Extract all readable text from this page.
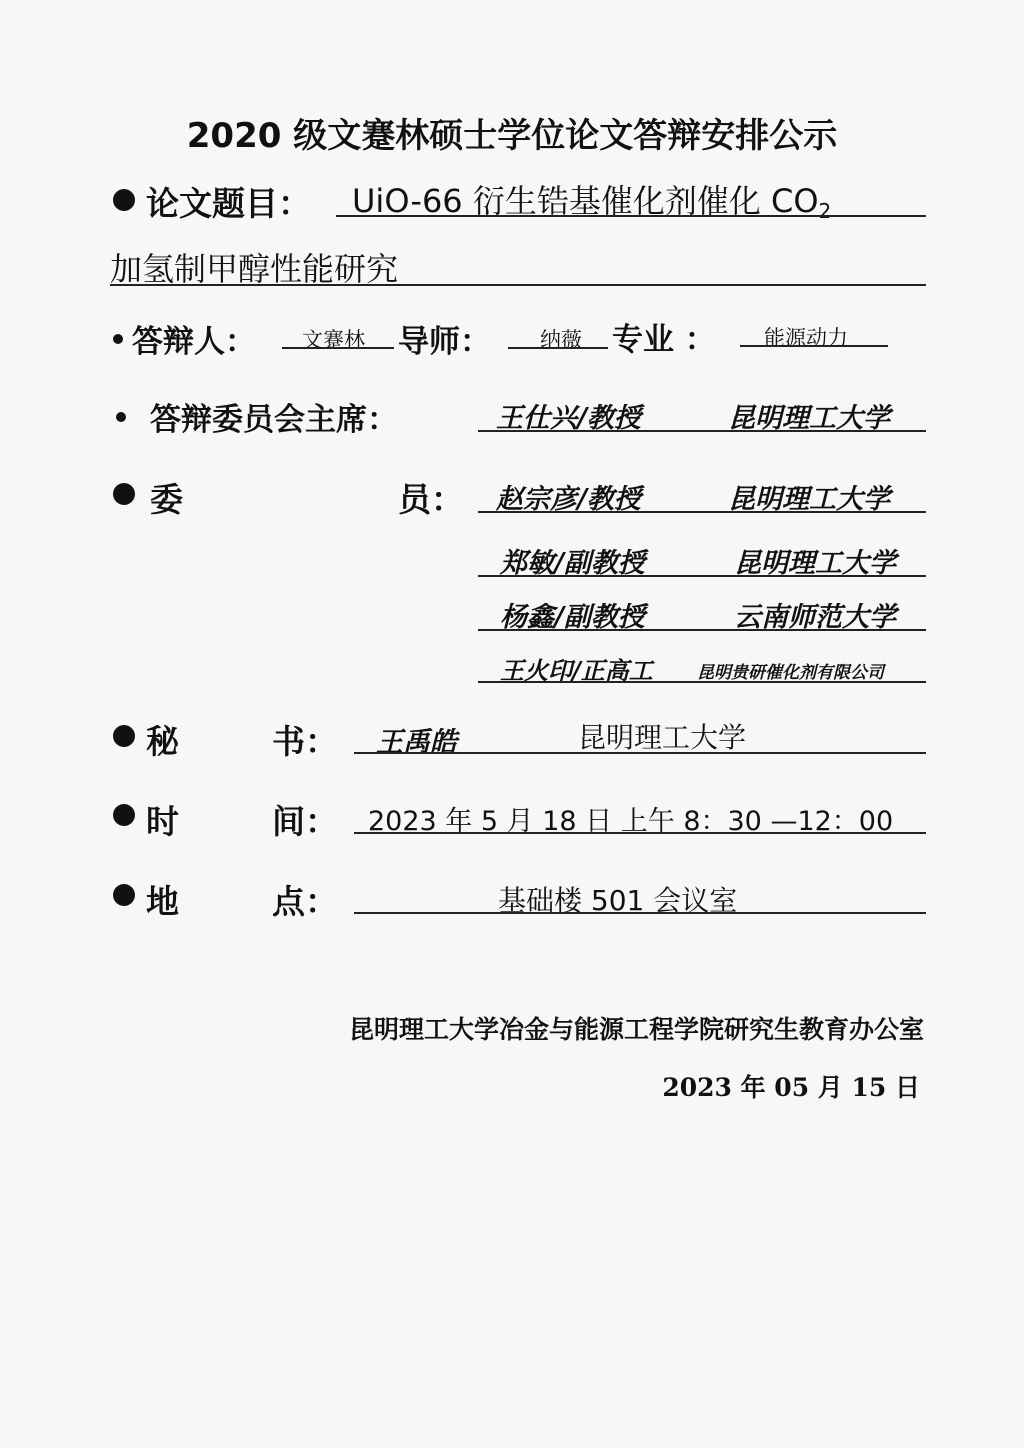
2020 级文蹇林硕士学位论文答辩安排公示
论文题目： UiO-66 衍生锆基催化剂催化 $CO_2$
加氢制甲醇性能研究
答辩人： 文蹇林 导师： 纳薇 专业 ： 能源动力
答辩委员会主席：	王仕兴/教授	昆明理工大学
委	员： 赵宗彦/教授	昆明理工大学
郑敏/副教授	昆明理工大学
杨鑫/副教授	云南师范大学
王火印/正高工	昆明贵研催化剂有限公司
秘	书： 王禹皓	昆明理工大学
时	间： 2023 年 5 月 18 日 上午 8：30 —12：00
地	点：	基础楼 501 会议室
昆明理工大学冶金与能源工程学院研究生教育办公室
2023 年 05 月 15 日
